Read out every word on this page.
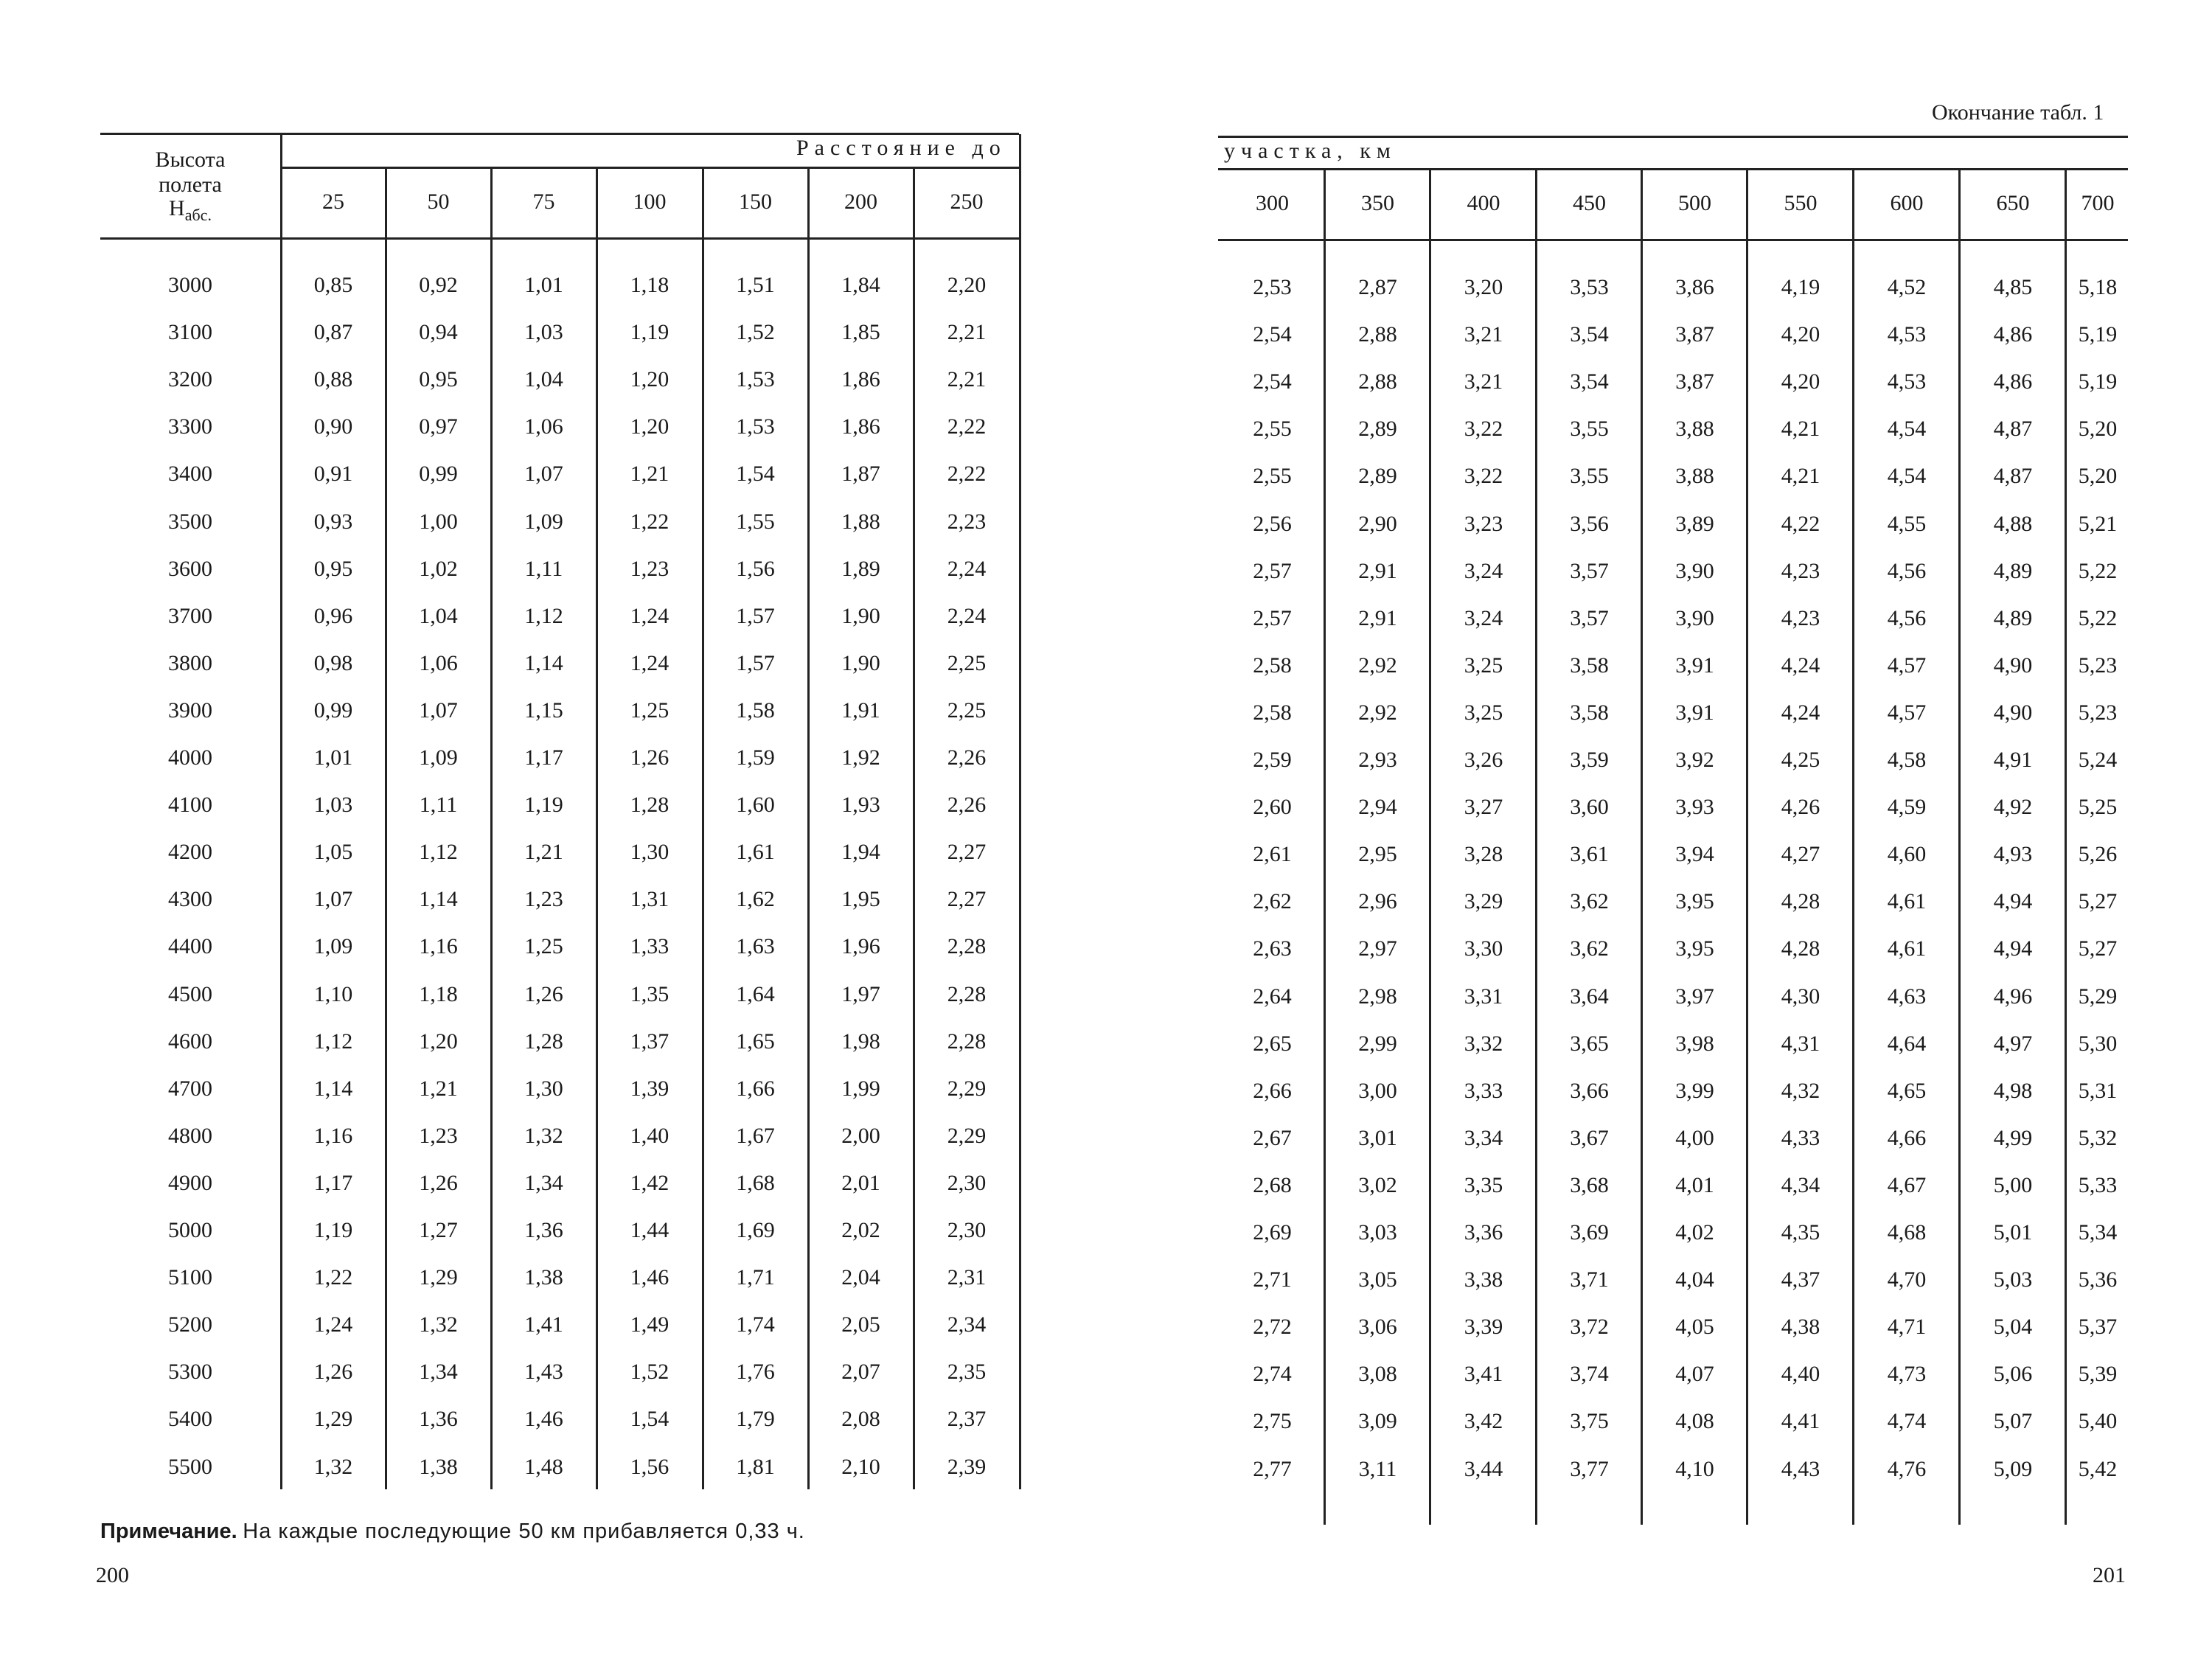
Высота
полета
$H_{абс.}$
Расстояние до
25	50	75	100	150	200	250
3000	0,85	0,92	1,01	1,18	1,51	1,84	2,20
3100	0,87	0,94	1,03	1,19	1,52	1,85	2,21
3200	0,88	0,95	1,04	1,20	1,53	1,86	2,21
3300	0,90	0,97	1,06	1,20	1,53	1,86	2,22
3400	0,91	0,99	1,07	1,21	1,54	1,87	2,22
3500	0,93	1,00	1,09	1,22	1,55	1,88	2,23
3600	0,95	1,02	1,11	1,23	1,56	1,89	2,24
3700	0,96	1,04	1,12	1,24	1,57	1,90	2,24
3800	0,98	1,06	1,14	1,24	1,57	1,90	2,25
3900	0,99	1,07	1,15	1,25	1,58	1,91	2,25
4000	1,01	1,09	1,17	1,26	1,59	1,92	2,26
4100	1,03	1,11	1,19	1,28	1,60	1,93	2,26
4200	1,05	1,12	1,21	1,30	1,61	1,94	2,27
4300	1,07	1,14	1,23	1,31	1,62	1,95	2,27
4400	1,09	1,16	1,25	1,33	1,63	1,96	2,28
4500	1,10	1,18	1,26	1,35	1,64	1,97	2,28
4600	1,12	1,20	1,28	1,37	1,65	1,98	2,28
4700	1,14	1,21	1,30	1,39	1,66	1,99	2,29
4800	1,16	1,23	1,32	1,40	1,67	2,00	2,29
4900	1,17	1,26	1,34	1,42	1,68	2,01	2,30
5000	1,19	1,27	1,36	1,44	1,69	2,02	2,30
5100	1,22	1,29	1,38	1,46	1,71	2,04	2,31
5200	1,24	1,32	1,41	1,49	1,74	2,05	2,34
5300	1,26	1,34	1,43	1,52	1,76	2,07	2,35
5400	1,29	1,36	1,46	1,54	1,79	2,08	2,37
5500	1,32	1,38	1,48	1,56	1,81	2,10	2,39
Примечание. На каждые последующие 50 км прибавляется 0,33 ч.
200
Окончание табл. 1
участка, км
300	350	400	450	500	550	600	650 700
2,53	2,87	3,20	3,53	3,86	4,19	4,52	4,85 5,18
2,54	2,88	3,21	3,54	3,87	4,20	4,53	4,86 5,19
2,54	2,88	3,21	3,54	3,87	4,20	4,53	4,86 5,19
2,55	2,89	3,22	3,55	3,88	4,21	4,54	4,87 5,20
2,55	2,89	3,22	3,55	3,88	4,21	4,54	4,87 5,20
2,56	2,90	3,23	3,56	3,89	4,22	4,55	4,88 5,21
2,57	2,91	3,24	3,57	3,90	4,23	4,56	4,89 5,22
2,57	2,91	3,24	3,57	3,90	4,23	4,56	4,89 5,22
2,58	2,92	3,25	3,58	3,91	4,24	4,57	4,90 5,23
2,58	2,92	3,25	3,58	3,91	4,24	4,57	4,90 5,23
2,59	2,93	3,26	3,59	3,92	4,25	4,58	4,91 5,24
2,60	2,94	3,27	3,60	3,93	4,26	4,59	4,92 5,25
2,61	2,95	3,28	3,61	3,94	4,27	4,60	4,93 5,26
2,62	2,96	3,29	3,62	3,95	4,28	4,61	4,94 5,27
2,63	2,97	3,30	3,62	3,95	4,28	4,61	4,94 5,27
2,64	2,98	3,31	3,64	3,97	4,30	4,63	4,96 5,29
2,65	2,99	3,32	3,65	3,98	4,31	4,64	4,97 5,30
2,66	3,00	3,33	3,66	3,99	4,32	4,65	4,98 5,31
2,67	3,01	3,34	3,67	4,00	4,33	4,66	4,99 5,32
2,68	3,02	3,35	3,68	4,01	4,34	4,67	5,00 5,33
2,69	3,03	3,36	3,69	4,02	4,35	4,68	5,01 5,34
2,71	3,05	3,38	3,71	4,04	4,37	4,70	5,03 5,36
2,72	3,06	3,39	3,72	4,05	4,38	4,71	5,04 5,37
2,74	3,08	3,41	3,74	4,07	4,40	4,73	5,06 5,39
2,75	3,09	3,42	3,75	4,08	4,41	4,74	5,07 5,40
2,77	3,11	3,44	3,77	4,10	4,43	4,76	5,09 5,42
201
